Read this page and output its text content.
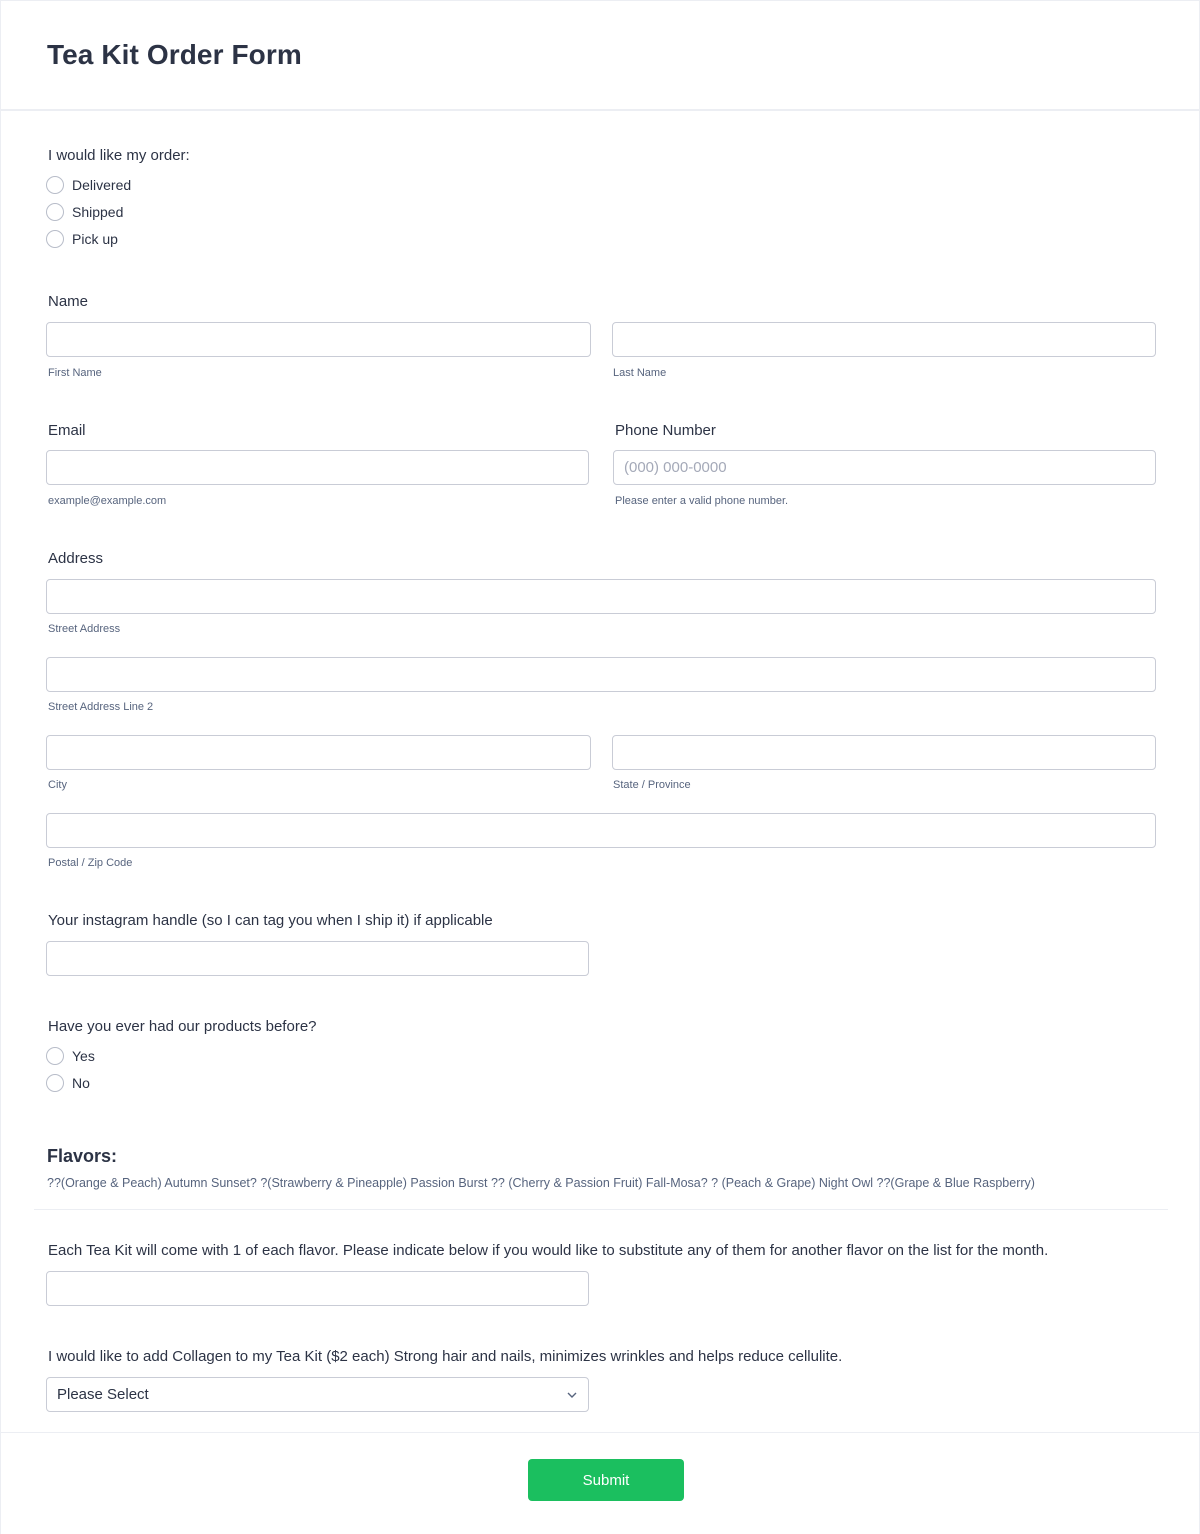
Tea Kit Order Form
I would like my order:
Delivered
Shipped
Pick up
Name
First Name	Last Name
Email
example@example.com
Phone Number
(000) 000-0000
Please enter a valid phone number.
Address
Street Address
Street Address Line 2
City	State / Province
Postal / Zip Code
Your instagram handle (so I can tag you when I ship it) if applicable
Have you ever had our products before?
Yes
No
Flavors:
??(Orange & Peach) Autumn Sunset? ?(Strawberry & Pineapple) Passion Burst ?? (Cherry & Passion Fruit) Fall-Mosa? ? (Peach & Grape) Night Owl ??(Grape & Blue Raspberry)
Each Tea Kit will come with 1 of each flavor. Please indicate below if you would like to substitute any of them for another flavor on the list for the month.
I would like to add Collagen to my Tea Kit ($2 each) Strong hair and nails, minimizes wrinkles and helps reduce cellulite.
Please Select
Submit
